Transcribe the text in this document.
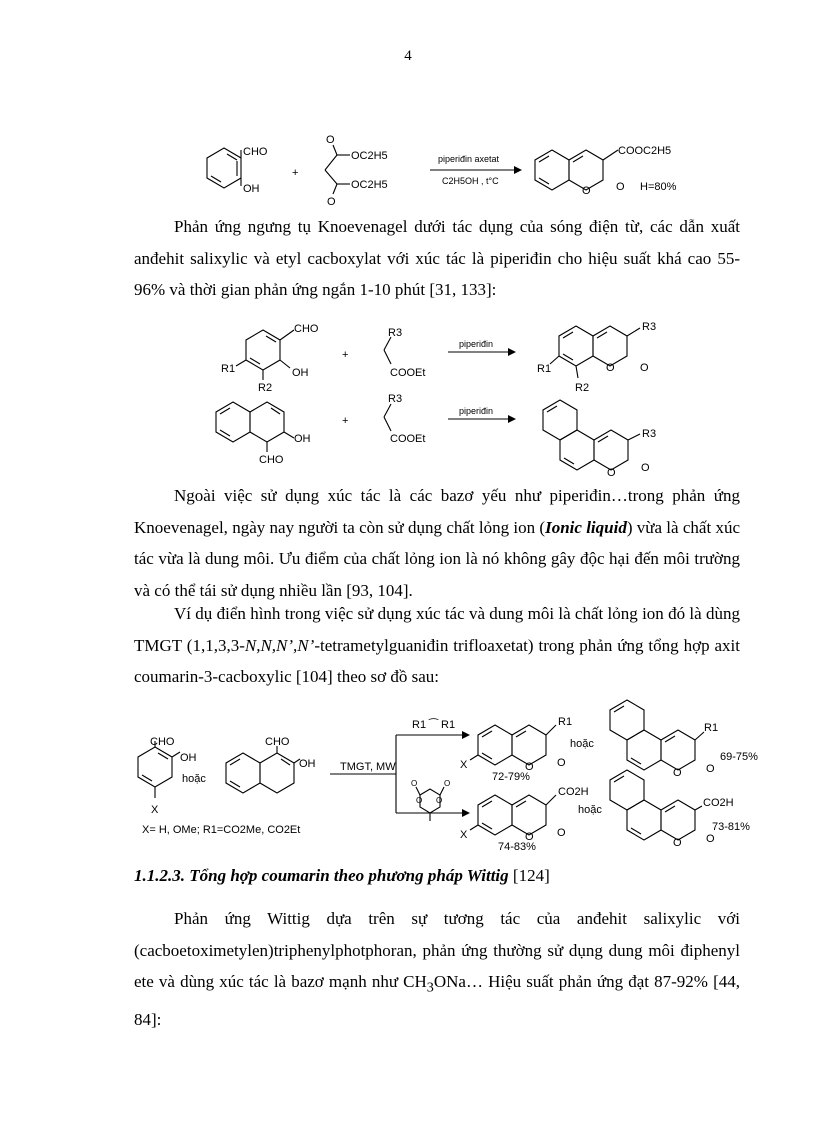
4
CHO
OH
+
O
OC2H5
O
OC2H5
piperiđin axetat
C2H5OH , t°C
COOC2H5
O O H=80%

Phản ứng ngưng tụ Knoevenagel dưới tác dụng của sóng điện từ, các dẫn xuất anđehit salixylic và etyl cacboxylat với xúc tác là piperiđin cho hiệu suất khá cao 55-96% và thời gian phản ứng ngắn 1-10 phút [31, 133]:

CHO
R1	OH
R2
+
R3
COOEt
piperiđin
R3
R1	O O
R2
OH
CHO
+
R3
COOEt
piperiđin
R3
O O

Ngoài việc sử dụng xúc tác là các bazơ yếu như piperiđin…trong phản ứng Knoevenagel, ngày nay người ta còn sử dụng chất lỏng ion (Ionic liquid) vừa là chất xúc tác vừa là dung môi. Ưu điểm của chất lỏng ion là nó không gây độc hại đến môi trường và có thể tái sử dụng nhiều lần [93, 104].

Ví dụ điển hình trong việc sử dụng xúc tác và dung môi là chất lỏng ion đó là dùng TMGT (1,1,3,3-N,N,N’,N’-tetrametylguaniđin trifloaxetat) trong phản ứng tổng hợp axit coumarin-3-cacboxylic [104] theo sơ đồ sau:

CHO
OH
hoặc
X
CHO
OH
X= H, OMe; R1=CO2Me, CO2Et
TMGT, MW
R1 ⁀ R1
O	O
O O
R1
X	O O
72-79%
hoặc
R1
O O
69-75%
CO2H
X	O O
74-83%
hoặc
CO2H
O O
73-81%
1.1.2.3. Tổng hợp coumarin theo phương pháp Wittig [124]

Phản ứng Wittig dựa trên sự tương tác của anđehit salixylic với (cacboetoximetylen)triphenylphotphoran, phản ứng thường sử dụng dung môi điphenyl ete và dùng xúc tác là bazơ mạnh như $CH_3ONa\dots$ Hiệu suất phản ứng đạt 87-92% [44, 84]:
